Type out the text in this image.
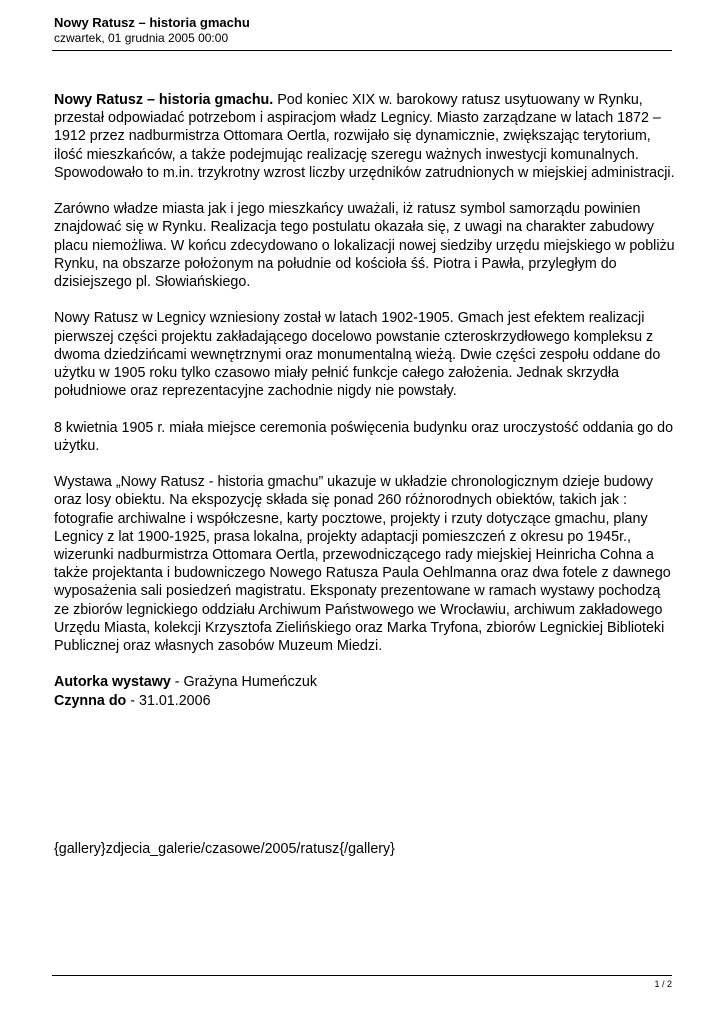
Nowy Ratusz – historia gmachu
czwartek, 01 grudnia 2005 00:00

Nowy Ratusz – historia gmachu. Pod koniec XIX w. barokowy ratusz usytuowany w Rynku, przestał odpowiadać potrzebom i aspiracjom władz Legnicy. Miasto zarządzane w latach 1872 – 1912 przez nadburmistrza Ottomara Oertla, rozwijało się dynamicznie, zwiększając terytorium, ilość mieszkańców, a także podejmując realizację szeregu ważnych inwestycji komunalnych. Spowodowało to m.in. trzykrotny wzrost liczby urzędników zatrudnionych w miejskiej administracji.

Zarówno władze miasta jak i jego mieszkańcy uważali, iż ratusz symbol samorządu powinien znajdować się w Rynku. Realizacja tego postulatu okazała się, z uwagi na charakter zabudowy placu niemożliwa. W końcu zdecydowano o lokalizacji nowej siedziby urzędu miejskiego w pobliżu Rynku, na obszarze położonym na południe od kościoła śś. Piotra i Pawła, przyległym do dzisiejszego pl. Słowiańskiego.

Nowy Ratusz w Legnicy wzniesiony został w latach 1902-1905. Gmach jest efektem realizacji pierwszej części projektu zakładającego docelowo powstanie czteroskrzydłowego kompleksu z dwoma dziedzińcami wewnętrznymi oraz monumentalną wieżą. Dwie części zespołu oddane do użytku w 1905 roku tylko czasowo miały pełnić funkcje całego założenia. Jednak skrzydła południowe oraz reprezentacyjne zachodnie nigdy nie powstały.

8 kwietnia 1905 r. miała miejsce ceremonia poświęcenia budynku oraz uroczystość oddania go do użytku.

Wystawa „Nowy Ratusz - historia gmachu” ukazuje w układzie chronologicznym dzieje budowy oraz losy obiektu. Na ekspozycję składa się ponad 260 różnorodnych obiektów, takich jak : fotografie archiwalne i współczesne, karty pocztowe, projekty i rzuty dotyczące gmachu, plany Legnicy z lat 1900-1925, prasa lokalna, projekty adaptacji pomieszczeń z okresu po 1945r., wizerunki nadburmistrza Ottomara Oertla, przewodniczącego rady miejskiej Heinricha Cohna a także projektanta i budowniczego Nowego Ratusza Paula Oehlmanna oraz dwa fotele z dawnego wyposażenia sali posiedzeń magistratu. Eksponaty prezentowane w ramach wystawy pochodzą ze zbiorów legnickiego oddziału Archiwum Państwowego we Wrocławiu, archiwum zakładowego Urzędu Miasta, kolekcji Krzysztofa Zielińskiego oraz Marka Tryfona, zbiorów Legnickiej Biblioteki Publicznej oraz własnych zasobów Muzeum Miedzi.

Autorka wystawy - Grażyna Humeńczuk
Czynna do - 31.01.2006
{gallery}zdjecia_galerie/czasowe/2005/ratusz{/gallery}
1 / 2
